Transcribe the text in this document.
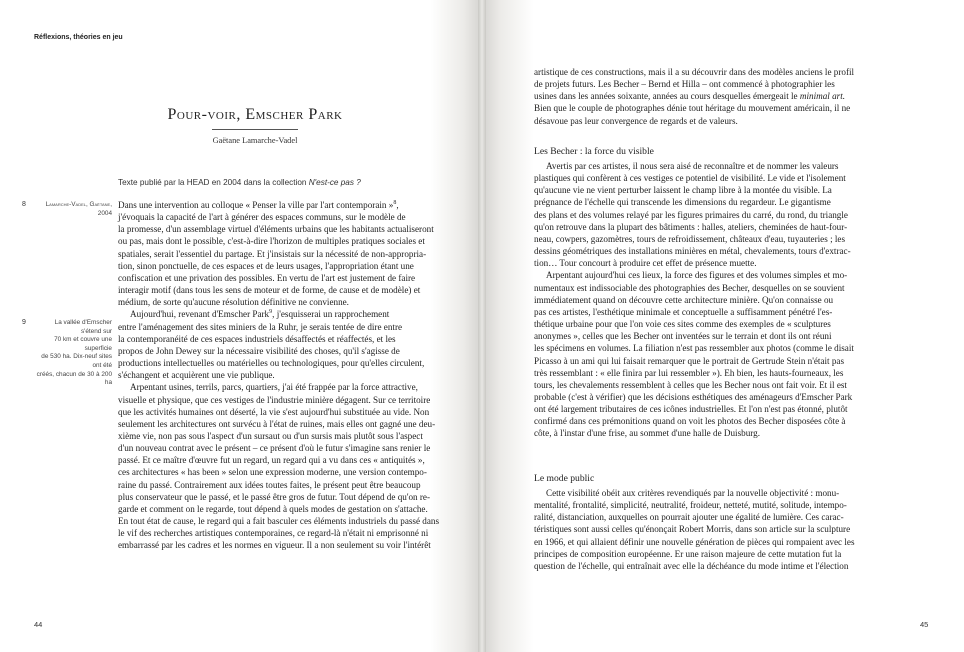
Réflexions, théories en jeu
Pour-voir, Emscher Park
Gaëtane Lamarche-Vadel
Texte publié par la HEAD en 2004 dans la collection N'est-ce pas ?
8	Lamarche-Vadel, Gaëtane,
2004
9	La vallée d'Emscher s'étend sur
70 km et couvre une superficie
de 530 ha. Dix-neuf sites ont été
créés, chacun de 30 à 200 ha
Dans une intervention au colloque « Penser la ville par l'art contemporain »$^8$,
j'évoquais la capacité de l'art à générer des espaces communs, sur le modèle de
la promesse, d'un assemblage virtuel d'éléments urbains que les habitants actualiseront
ou pas, mais dont le possible, c'est-à-dire l'horizon de multiples pratiques sociales et
spatiales, serait l'essentiel du partage. Et j'insistais sur la nécessité de non-appropria-
tion, sinon ponctuelle, de ces espaces et de leurs usages, l'appropriation étant une
confiscation et une privation des possibles. En vertu de l'art est justement de faire
interagir motif (dans tous les sens de moteur et de forme, de cause et de modèle) et
médium, de sorte qu'aucune résolution définitive ne convienne.
Aujourd'hui, revenant d'Emscher Park$^9$, j'esquisserai un rapprochement
entre l'aménagement des sites miniers de la Ruhr, je serais tentée de dire entre
la contemporanéité de ces espaces industriels désaffectés et réaffectés, et les
propos de John Dewey sur la nécessaire visibilité des choses, qu'il s'agisse de
productions intellectuelles ou matérielles ou technologiques, pour qu'elles circulent,
s'échangent et acquièrent une vie publique.
Arpentant usines, terrils, parcs, quartiers, j'ai été frappée par la force attractive,
visuelle et physique, que ces vestiges de l'industrie minière dégagent. Sur ce territoire
que les activités humaines ont déserté, la vie s'est aujourd'hui substituée au vide. Non
seulement les architectures ont survécu à l'état de ruines, mais elles ont gagné une deu-
xième vie, non pas sous l'aspect d'un sursaut ou d'un sursis mais plutôt sous l'aspect
d'un nouveau contrat avec le présent – ce présent d'où le futur s'imagine sans renier le
passé. Et ce maître d'œuvre fut un regard, un regard qui a vu dans ces « antiquités »,
ces architectures « has been » selon une expression moderne, une version contempo-
raine du passé. Contrairement aux idées toutes faites, le présent peut être beaucoup
plus conservateur que le passé, et le passé être gros de futur. Tout dépend de qu'on re-
garde et comment on le regarde, tout dépend à quels modes de gestation on s'attache.
En tout état de cause, le regard qui a fait basculer ces éléments industriels du passé dans
le vif des recherches artistiques contemporaines, ce regard-là n'était ni emprisonné ni
embarrassé par les cadres et les normes en vigueur. Il a non seulement su voir l'intérêt
44
artistique de ces constructions, mais il a su découvrir dans des modèles anciens le profil
de projets futurs. Les Becher – Bernd et Hilla – ont commencé à photographier les
usines dans les années soixante, années au cours desquelles émergeait le minimal art.
Bien que le couple de photographes dénie tout héritage du mouvement américain, il ne
désavoue pas leur convergence de regards et de valeurs.
Les Becher : la force du visible
Avertis par ces artistes, il nous sera aisé de reconnaître et de nommer les valeurs
plastiques qui confèrent à ces vestiges ce potentiel de visibilité. Le vide et l'isolement
qu'aucune vie ne vient perturber laissent le champ libre à la montée du visible. La
prégnance de l'échelle qui transcende les dimensions du regardeur. Le gigantisme
des plans et des volumes relayé par les figures primaires du carré, du rond, du triangle
qu'on retrouve dans la plupart des bâtiments : halles, ateliers, cheminées de haut-four-
neau, cowpers, gazomètres, tours de refroidissement, châteaux d'eau, tuyauteries ; les
dessins géométriques des installations minières en métal, chevalements, tours d'extrac-
tion… Tour concourt à produire cet effet de présence muette.
Arpentant aujourd'hui ces lieux, la force des figures et des volumes simples et mo-
numentaux est indissociable des photographies des Becher, desquelles on se souvient
immédiatement quand on découvre cette architecture minière. Qu'on connaisse ou
pas ces artistes, l'esthétique minimale et conceptuelle a suffisamment pénétré l'es-
thétique urbaine pour que l'on voie ces sites comme des exemples de « sculptures
anonymes », celles que les Becher ont inventées sur le terrain et dont ils ont réuni
les spécimens en volumes. La filiation n'est pas ressembler aux photos (comme le disait
Picasso à un ami qui lui faisait remarquer que le portrait de Gertrude Stein n'était pas
très ressemblant : « elle finira par lui ressembler »). Eh bien, les hauts-fourneaux, les
tours, les chevalements ressemblent à celles que les Becher nous ont fait voir. Et il est
probable (c'est à vérifier) que les décisions esthétiques des aménageurs d'Emscher Park
ont été largement tributaires de ces icônes industrielles. Et l'on n'est pas étonné, plutôt
confirmé dans ces prémonitions quand on voit les photos des Becher disposées côte à
côte, à l'instar d'une frise, au sommet d'une halle de Duisburg.
Le mode public
Cette visibilité obéit aux critères revendiqués par la nouvelle objectivité : monu-
mentalité, frontalité, simplicité, neutralité, froideur, netteté, mutité, solitude, intempo-
ralité, distanciation, auxquelles on pourrait ajouter une égalité de lumière. Ces carac-
téristiques sont aussi celles qu'énonçait Robert Morris, dans son article sur la sculpture
en 1966, et qui allaient définir une nouvelle génération de pièces qui rompaient avec les
principes de composition européenne. Er une raison majeure de cette mutation fut la
question de l'échelle, qui entraînait avec elle la déchéance du mode intime et l'élection
45
